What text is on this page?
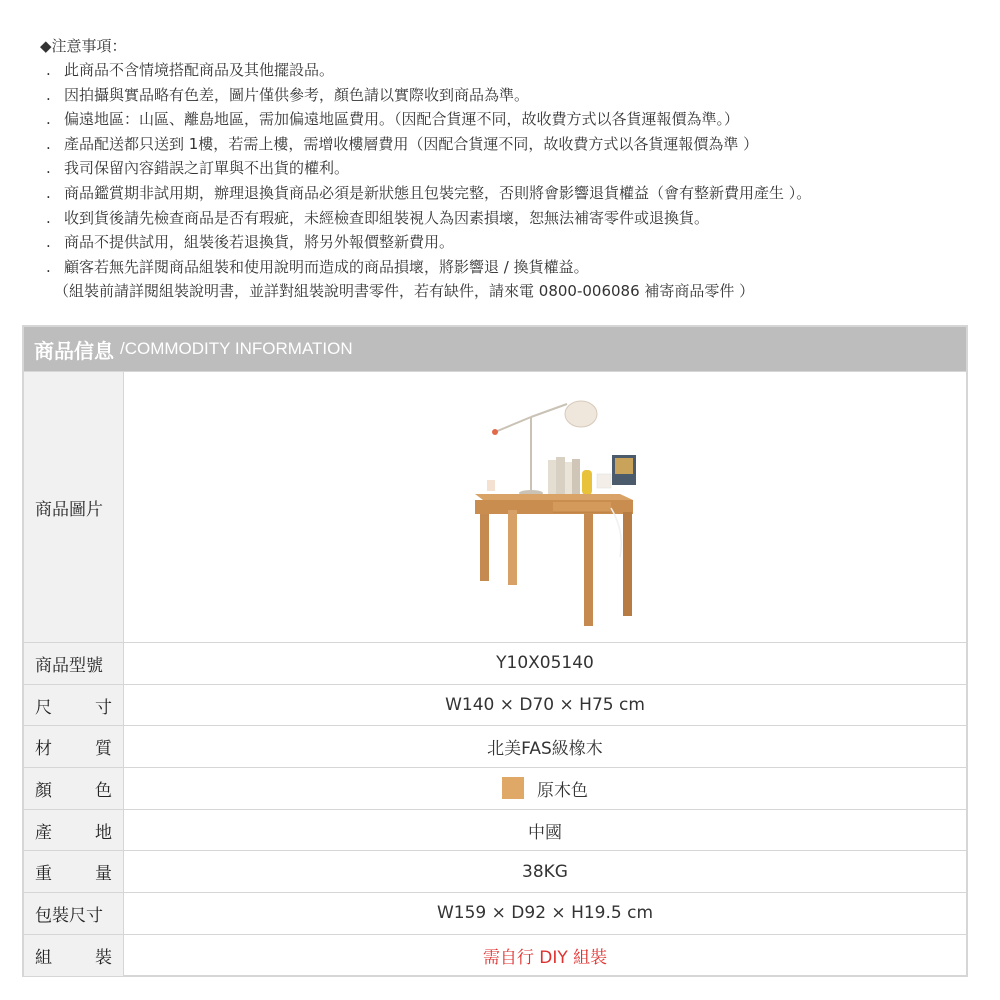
◆注意事項：
. 此商品不含情境搭配商品及其他擺設品。
. 因拍攝與實品略有色差，圖片僅供參考，顏色請以實際收到商品為準。
. 偏遠地區：山區、離島地區，需加偏遠地區費用。（因配合貨運不同，故收費方式以各貨運報價為準。）
. 產品配送都只送到 1樓，若需上樓，需增收樓層費用（因配合貨運不同，故收費方式以各貨運報價為準 ）
. 我司保留內容錯誤之訂單與不出貨的權利。
. 商品鑑賞期非試用期，辦理退換貨商品必須是新狀態且包裝完整，否則將會影響退貨權益（會有整新費用產生 ）。
. 收到貨後請先檢查商品是否有瑕疵，未經檢查即組裝視人為因素損壞，恕無法補寄零件或退換貨。
. 商品不提供試用，組裝後若退換貨，將另外報價整新費用。
. 顧客若無先詳閱商品組裝和使用說明而造成的商品損壞，將影響退 / 換貨權益。
（組裝前請詳閱組裝說明書，並詳對組裝說明書零件，若有缺件，請來電 0800-006086 補寄商品零件 ）
商品信息 /COMMODITY INFORMATION
商品圖片
商品型號	Y10X05140
尺	寸	W140 × D70 × H75 cm
材	質	北美FAS級橡木
顏	色	原木色
產	地	中國
重	量	38KG
包裝尺寸	W159 × D92 × H19.5 cm
組	裝	需自行 DIY 組裝
